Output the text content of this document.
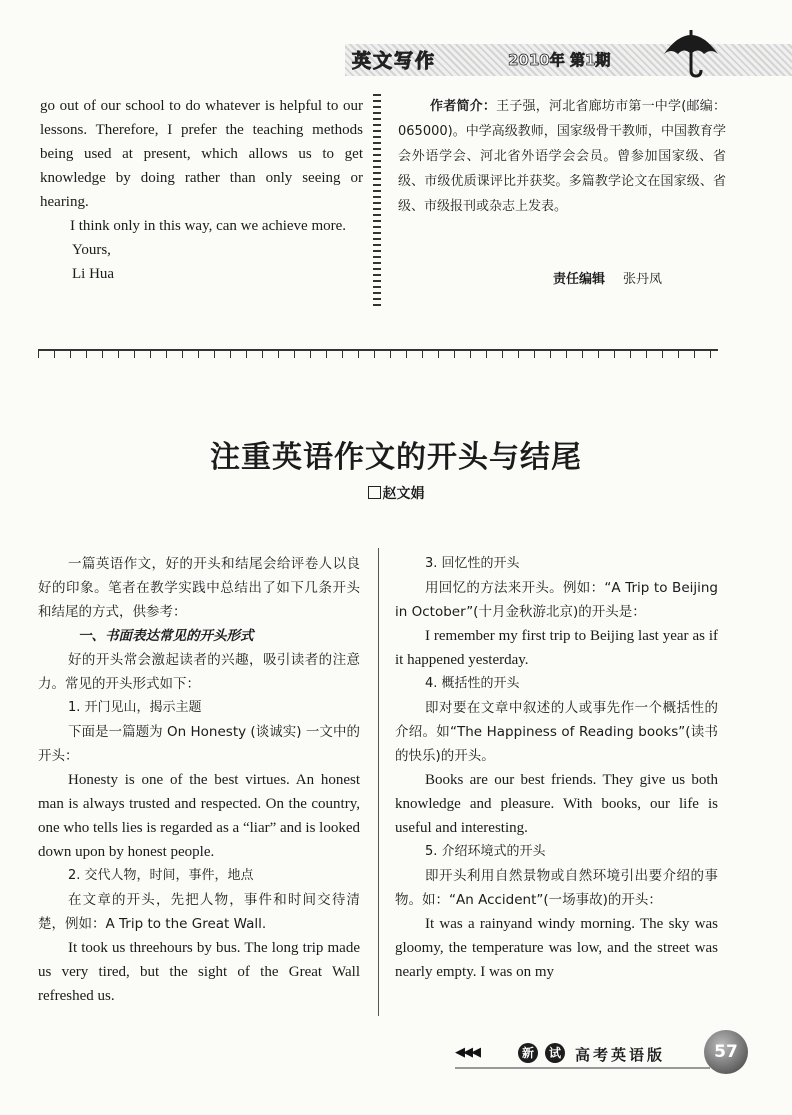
英文写作	2010年 第1期

go out of our school to do whatever is helpful to our lessons. Therefore, I prefer the teaching methods being used at present, which allows us to get knowledge by doing rather than only seeing or hearing.

I think only in this way, can we achieve more.

Yours,

Li Hua

作者简介：王子强，河北省廊坊市第一中学(邮编：065000)。中学高级教师，国家级骨干教师，中国教育学会外语学会、河北省外语学会会员。曾参加国家级、省级、市级优质课评比并获奖。多篇教学论文在国家级、省级、市级报刊或杂志上发表。

责任编辑 张丹凤
注重英语作文的开头与结尾
赵文娟

一篇英语作文，好的开头和结尾会给评卷人以良好的印象。笔者在教学实践中总结出了如下几条开头和结尾的方式，供参考：

一、书面表达常见的开头形式

好的开头常会激起读者的兴趣，吸引读者的注意力。常见的开头形式如下：

1. 开门见山，揭示主题

下面是一篇题为 On Honesty (谈诚实) 一文中的开头：

Honesty is one of the best virtues. An honest man is always trusted and respected. On the country, one who tells lies is regarded as a “liar” and is looked down upon by honest people.

2. 交代人物，时间，事件，地点

在文章的开头，先把人物，事件和时间交待清楚，例如：A Trip to the Great Wall.

It took us threehours by bus. The long trip made us very tired, but the sight of the Great Wall refreshed us.

3. 回忆性的开头

用回忆的方法来开头。例如：“A Trip to Beijing in October”(十月金秋游北京)的开头是：

I remember my first trip to Beijing last year as if it happened yesterday.

4. 概括性的开头

即对要在文章中叙述的人或事先作一个概括性的介绍。如“The Happiness of Reading books”(读书的快乐)的开头。

Books are our best friends. They give us both knowledge and pleasure. With books, our life is useful and interesting.

5. 介绍环境式的开头

即开头利用自然景物或自然环境引出要介绍的事物。如：“An Accident”(一场事故)的开头：

It was a rainyand windy morning. The sky was gloomy, the temperature was low, and the street was nearly empty. I was on my

◀◀◀	新	试 高考英语版	57
